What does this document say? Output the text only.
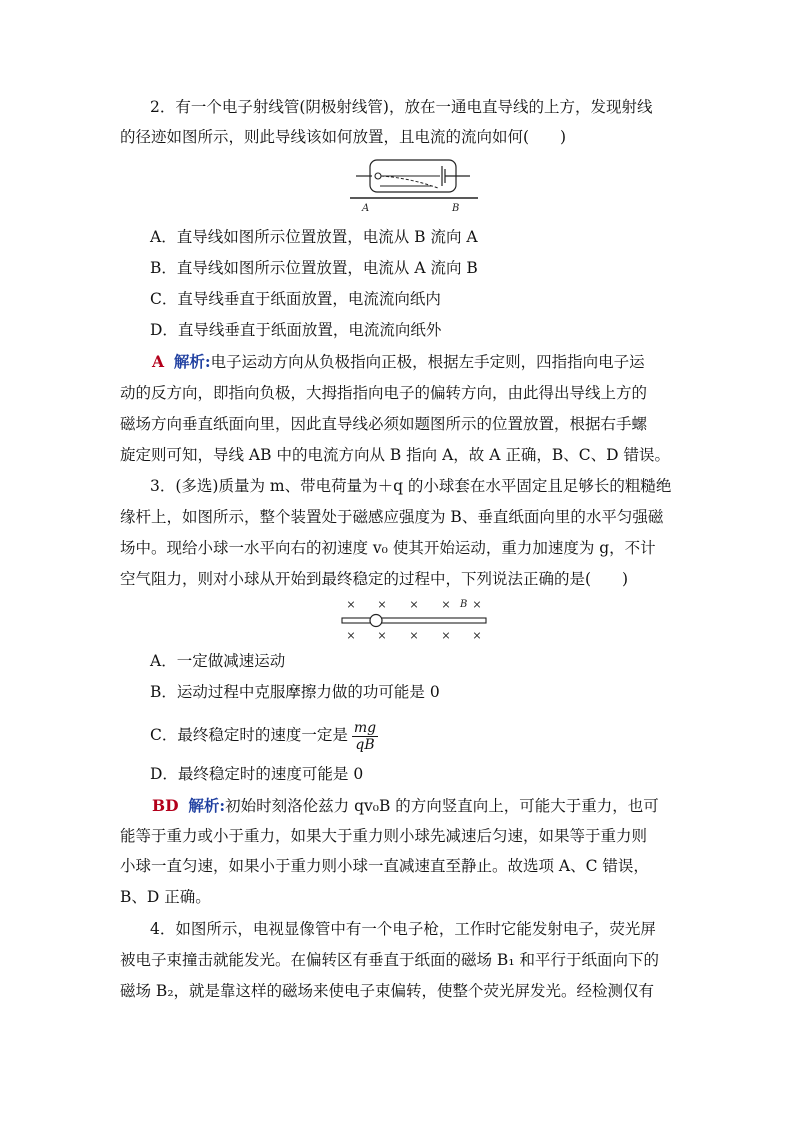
2．有一个电子射线管(阴极射线管)，放在一通电直导线的上方，发现射线
的径迹如图所示，则此导线该如何放置，且电流的流向如何(　　)
A	B
A．直导线如图所示位置放置，电流从 B 流向 A
B．直导线如图所示位置放置，电流从 A 流向 B
C．直导线垂直于纸面放置，电流流向纸内
D．直导线垂直于纸面放置，电流流向纸外
A 解析:电子运动方向从负极指向正极，根据左手定则，四指指向电子运
动的反方向，即指向负极，大拇指指向电子的偏转方向，由此得出导线上方的
磁场方向垂直纸面向里，因此直导线必须如题图所示的位置放置，根据右手螺
旋定则可知，导线 AB 中的电流方向从 B 指向 A，故 A 正确，B、C、D 错误。
3．(多选)质量为 m、带电荷量为＋q 的小球套在水平固定且足够长的粗糙绝
缘杆上，如图所示，整个装置处于磁感应强度为 B、垂直纸面向里的水平匀强磁
场中。现给小球一水平向右的初速度 v₀ 使其开始运动，重力加速度为 g，不计
空气阻力，则对小球从开始到最终稳定的过程中，下列说法正确的是(　　)
× × × × ×
× × × × ×
B
A．一定做减速运动
B．运动过程中克服摩擦力做的功可能是 0
C．最终稳定时的速度一定是 $\frac{mg}{qB}$
D．最终稳定时的速度可能是 0
BD 解析:初始时刻洛伦兹力 qv₀B 的方向竖直向上，可能大于重力，也可
能等于重力或小于重力，如果大于重力则小球先减速后匀速，如果等于重力则
小球一直匀速，如果小于重力则小球一直减速直至静止。故选项 A、C 错误，
B、D 正确。
4．如图所示，电视显像管中有一个电子枪，工作时它能发射电子，荧光屏
被电子束撞击就能发光。在偏转区有垂直于纸面的磁场 B₁ 和平行于纸面向下的
磁场 B₂，就是靠这样的磁场来使电子束偏转，使整个荧光屏发光。经检测仅有
